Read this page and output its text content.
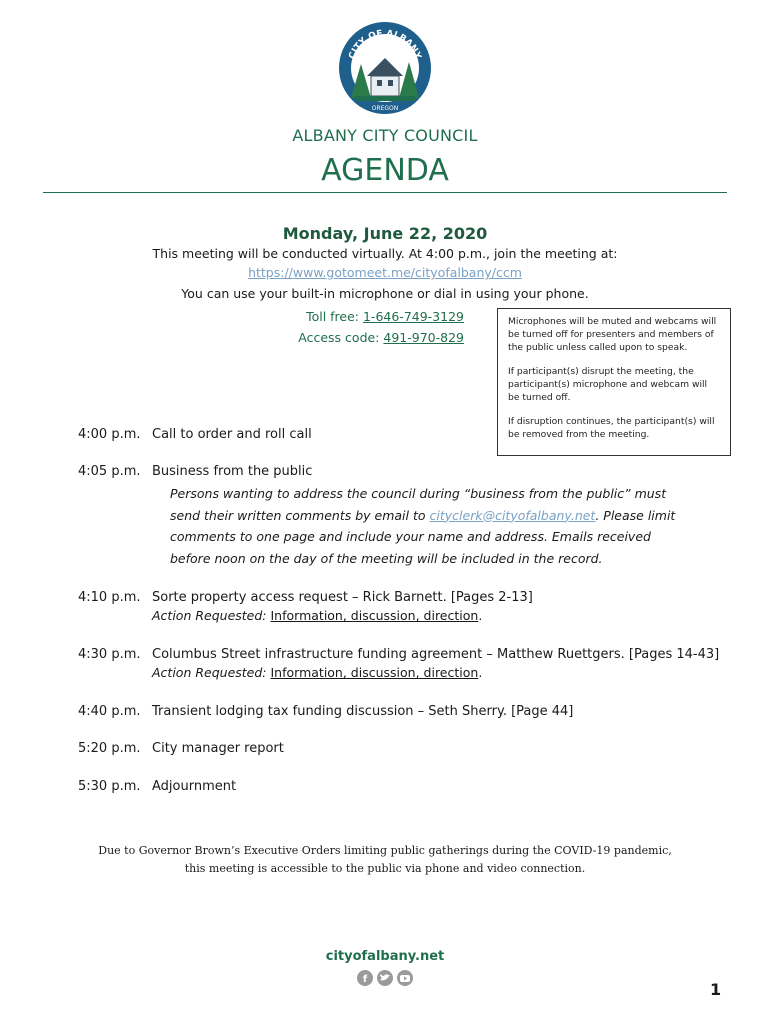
CITY OF ALBANY
OREGON
ALBANY CITY COUNCIL
AGENDA
Monday, June 22, 2020
This meeting will be conducted virtually. At 4:00 p.m., join the meeting at:
https://www.gotomeet.me/cityofalbany/ccm
You can use your built-in microphone or dial in using your phone.
Toll free: 1-646-749-3129
Access code: 491-970-829

Microphones will be muted and webcams will be turned off for presenters and members of the public unless called upon to speak.

If participant(s) disrupt the meeting, the participant(s) microphone and webcam will be turned off.

If disruption continues, the participant(s) will be removed from the meeting.

4:00 p.m. Call to order and roll call
4:05 p.m. Business from the public
Persons wanting to address the council during “business from the public” must send their written comments by email to cityclerk@cityofalbany.net. Please limit comments to one page and include your name and address. Emails received before noon on the day of the meeting will be included in the record.
4:10 p.m. Sorte property access request – Rick Barnett. [Pages 2-13]
Action Requested: Information, discussion, direction.
4:30 p.m. Columbus Street infrastructure funding agreement – Matthew Ruettgers. [Pages 14-43]
Action Requested: Information, discussion, direction.
4:40 p.m. Transient lodging tax funding discussion – Seth Sherry. [Page 44]
5:20 p.m. City manager report
5:30 p.m. Adjournment
Due to Governor Brown’s Executive Orders limiting public gatherings during the COVID-19 pandemic,
this meeting is accessible to the public via phone and video connection.
cityofalbany.net
f
1
